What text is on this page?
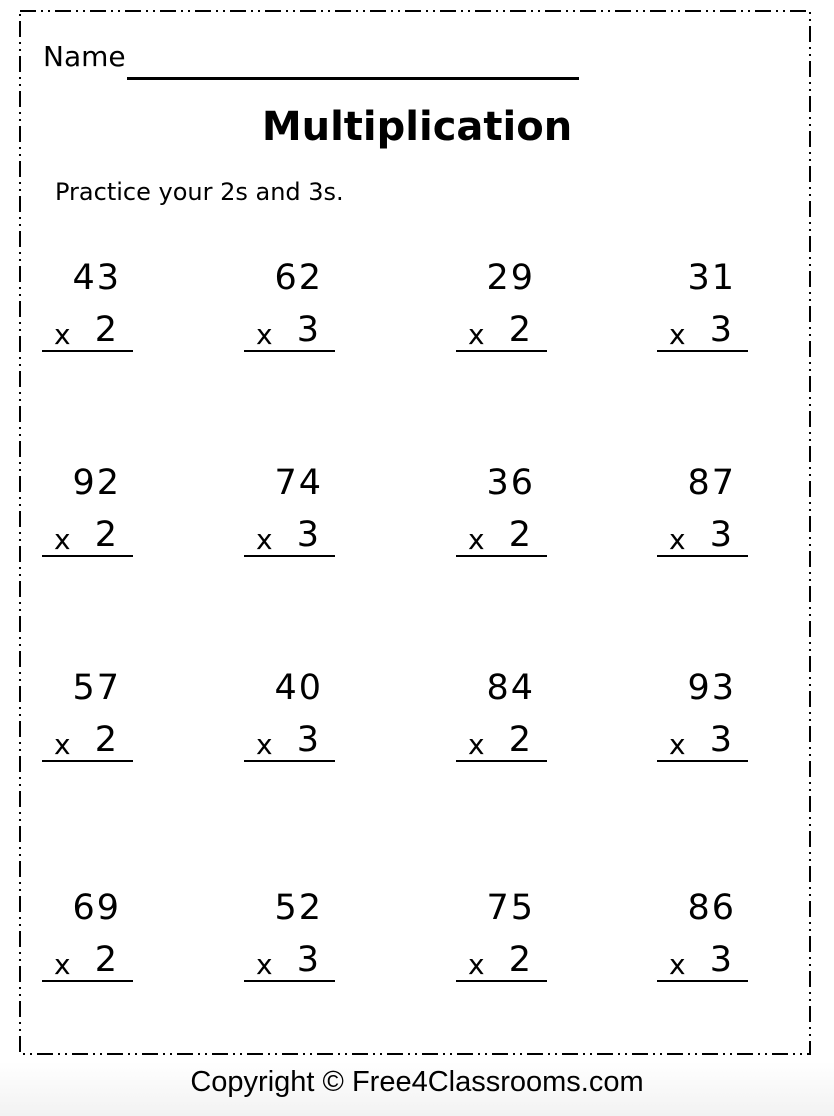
Name
Multiplication
Practice your 2s and 3s.
43
x 2
62
x 3
29
x 2
31
x 3
92
x 2
74
x 3
36
x 2
87
x 3
57
x 2
40
x 3
84
x 2
93
x 3
69
x 2
52
x 3
75
x 2
86
x 3
Copyright © Free4Classrooms.com
